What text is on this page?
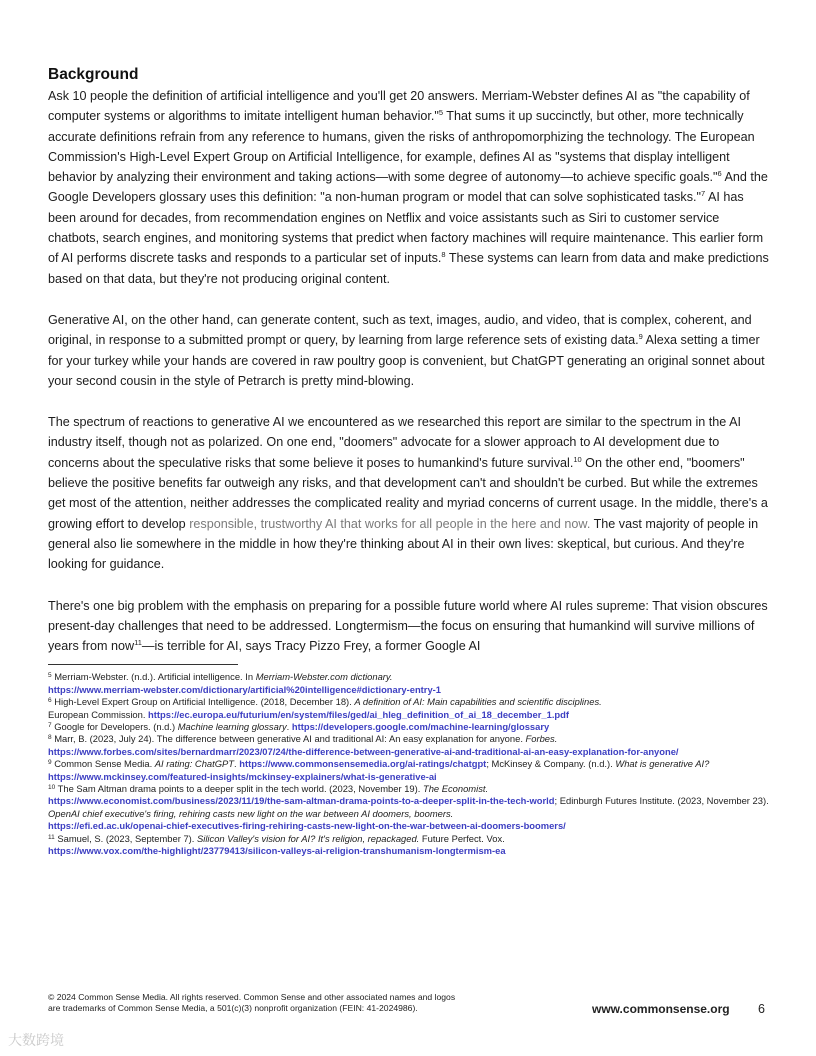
Background

Ask 10 people the definition of artificial intelligence and you'll get 20 answers. Merriam-Webster defines AI as "the capability of computer systems or algorithms to imitate intelligent human behavior."$^5$ That sums it up succinctly, but other, more technically accurate definitions refrain from any reference to humans, given the risks of anthropomorphizing the technology. The European Commission's High-Level Expert Group on Artificial Intelligence, for example, defines AI as "systems that display intelligent behavior by analyzing their environment and taking actions—with some degree of autonomy—to achieve specific goals."$^6$ And the Google Developers glossary uses this definition: "a non-human program or model that can solve sophisticated tasks."$^7$ AI has been around for decades, from recommendation engines on Netflix and voice assistants such as Siri to customer service chatbots, search engines, and monitoring systems that predict when factory machines will require maintenance. This earlier form of AI performs discrete tasks and responds to a particular set of inputs.$^8$ These systems can learn from data and make predictions based on that data, but they're not producing original content.

Generative AI, on the other hand, can generate content, such as text, images, audio, and video, that is complex, coherent, and original, in response to a submitted prompt or query, by learning from large reference sets of existing data.$^9$ Alexa setting a timer for your turkey while your hands are covered in raw poultry goop is convenient, but ChatGPT generating an original sonnet about your second cousin in the style of Petrarch is pretty mind-blowing.

The spectrum of reactions to generative AI we encountered as we researched this report are similar to the spectrum in the AI industry itself, though not as polarized. On one end, "doomers" advocate for a slower approach to AI development due to concerns about the speculative risks that some believe it poses to humankind's future survival.$^{10}$ On the other end, "boomers" believe the positive benefits far outweigh any risks, and that development can't and shouldn't be curbed. But while the extremes get most of the attention, neither addresses the complicated reality and myriad concerns of current usage. In the middle, there's a growing effort to develop responsible, trustworthy AI that works for all people in the here and now. The vast majority of people in general also lie somewhere in the middle in how they're thinking about AI in their own lives: skeptical, but curious. And they're looking for guidance.

There's one big problem with the emphasis on preparing for a possible future world where AI rules supreme: That vision obscures present-day challenges that need to be addressed. Longtermism—the focus on ensuring that humankind will survive millions of years from now$^{11}$—is terrible for AI, says Tracy Pizzo Frey, a former Google AI

$^5$ Merriam-Webster. (n.d.). Artificial intelligence. In Merriam-Webster.com dictionary.
https://www.merriam-webster.com/dictionary/artificial%20intelligence#dictionary-entry-1

$^6$ High-Level Expert Group on Artificial Intelligence. (2018, December 18). A definition of AI: Main capabilities and scientific disciplines.
European Commission. https://ec.europa.eu/futurium/en/system/files/ged/ai_hleg_definition_of_ai_18_december_1.pdf

$^7$ Google for Developers. (n.d.) Machine learning glossary. https://developers.google.com/machine-learning/glossary

$^8$ Marr, B. (2023, July 24). The difference between generative AI and traditional AI: An easy explanation for anyone. Forbes.
https://www.forbes.com/sites/bernardmarr/2023/07/24/the-difference-between-generative-ai-and-traditional-ai-an-easy-explanation-for-anyone/

$^9$ Common Sense Media. AI rating: ChatGPT. https://www.commonsensemedia.org/ai-ratings/chatgpt; McKinsey & Company. (n.d.). What is generative AI? https://www.mckinsey.com/featured-insights/mckinsey-explainers/what-is-generative-ai

$^{10}$ The Sam Altman drama points to a deeper split in the tech world. (2023, November 19). The Economist.
https://www.economist.com/business/2023/11/19/the-sam-altman-drama-points-to-a-deeper-split-in-the-tech-world; Edinburgh Futures Institute. (2023, November 23). OpenAI chief executive's firing, rehiring casts new light on the war between AI doomers, boomers.
https://efi.ed.ac.uk/openai-chief-executives-firing-rehiring-casts-new-light-on-the-war-between-ai-doomers-boomers/

$^{11}$ Samuel, S. (2023, September 7). Silicon Valley's vision for AI? It's religion, repackaged. Future Perfect. Vox.
https://www.vox.com/the-highlight/23779413/silicon-valleys-ai-religion-transhumanism-longtermism-ea

© 2024 Common Sense Media. All rights reserved. Common Sense and other associated names and logos
are trademarks of Common Sense Media, a 501(c)(3) nonprofit organization (FEIN: 41-2024986).	www.commonsense.org 6
大数跨境
